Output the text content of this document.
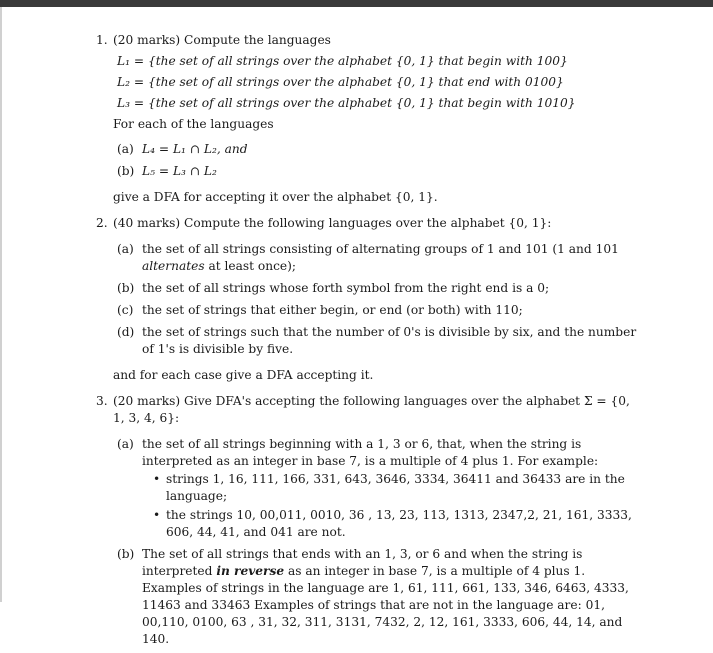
1. (20 marks) Compute the languages
L₁ = {the set of all strings over the alphabet {0, 1} that begin with 100}
L₂ = {the set of all strings over the alphabet {0, 1} that end with 0100}
L₃ = {the set of all strings over the alphabet {0, 1} that begin with 1010}
For each of the languages
(a) L₄ = L₁ ∩ L₂, and
(b) L₅ = L₃ ∩ L₂
give a DFA for accepting it over the alphabet {0, 1}.
2. (40 marks) Compute the following languages over the alphabet {0, 1}:
(a) the set of all strings consisting of alternating groups of 1 and 101 (1 and 101 alternates at least once);
(b) the set of all strings whose forth symbol from the right end is a 0;
(c) the set of strings that either begin, or end (or both) with 110;
(d) the set of strings such that the number of 0's is divisible by six, and the number of 1's is divisible by five.
and for each case give a DFA accepting it.
3. (20 marks) Give DFA's accepting the following languages over the alphabet Σ = {0, 1, 3, 4, 6}:
(a) the set of all strings beginning with a 1, 3 or 6, that, when the string is interpreted as an integer in base 7, is a multiple of 4 plus 1. For example:
• strings 1, 16, 111, 166, 331, 643, 3646, 3334, 36411 and 36433 are in the language;
• the strings 10, 00,011, 0010, 36 , 13, 23, 113, 1313, 2347,2, 21, 161, 3333, 606, 44, 41, and 041 are not.
(b) The set of all strings that ends with an 1, 3, or 6 and when the string is interpreted in reverse as an integer in base 7, is a multiple of 4 plus 1.
Examples of strings in the language are 1, 61, 111, 661, 133, 346, 6463, 4333, 11463 and 33463 Examples of strings that are not in the language are: 01, 00,110, 0100, 63 , 31, 32, 311, 3131, 7432, 2, 12, 161, 3333, 606, 44, 14, and 140.
